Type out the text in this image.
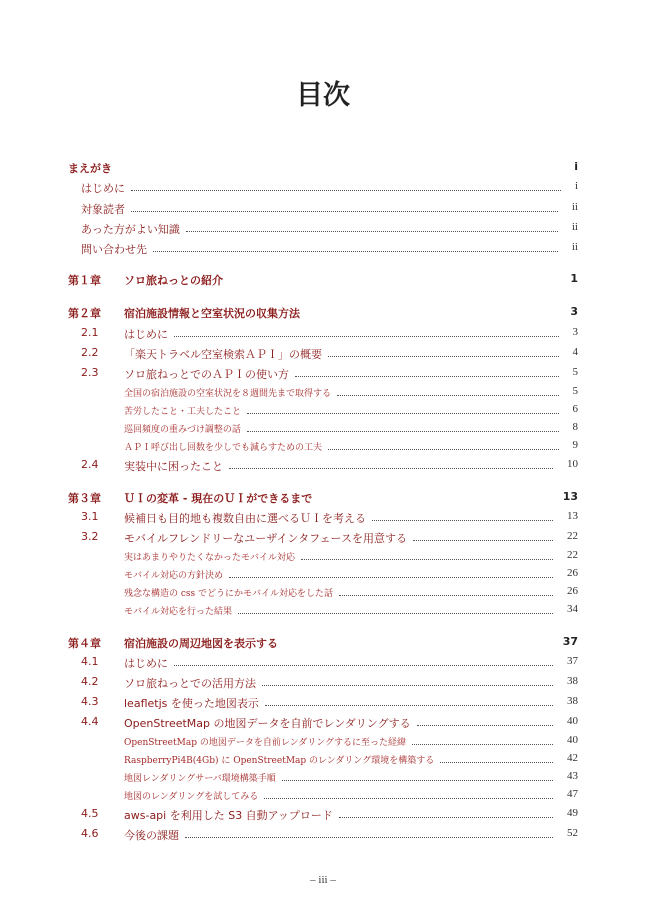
目次
まえがき	i
はじめに	i
対象読者	ii
あった方がよい知識	ii
問い合わせ先	ii
第１章 ソロ旅ねっとの紹介	1
第２章 宿泊施設情報と空室状況の収集方法	3
2.1 はじめに	3
2.2 「楽天トラベル空室検索ＡＰＩ」の概要	4
2.3 ソロ旅ねっとでのＡＰＩの使い方	5
全国の宿泊施設の空室状況を８週間先まで取得する	5
苦労したこと・工夫したこと	6
巡回頻度の重みづけ調整の話	8
ＡＰＩ呼び出し回数を少しでも減らすための工夫	9
2.4 実装中に困ったこと	10
第３章 ＵＩの変革 - 現在のＵＩができるまで	13
3.1 候補日も目的地も複数自由に選べるＵＩを考える	13
3.2 モバイルフレンドリーなユーザインタフェースを用意する	22
実はあまりやりたくなかったモバイル対応	22
モバイル対応の方針決め	26
残念な構造の css でどうにかモバイル対応をした話	26
モバイル対応を行った結果	34
第４章 宿泊施設の周辺地図を表示する	37
4.1 はじめに	37
4.2 ソロ旅ねっとでの活用方法	38
4.3 leafletjs を使った地図表示	38
4.4 OpenStreetMap の地図データを自前でレンダリングする	40
OpenStreetMap の地図データを自前レンダリングするに至った経緯	40
RaspberryPi4B(4Gb) に OpenStreetMap のレンダリング環境を構築する	42
地図レンダリングサーバ環境構築手順	43
地図のレンダリングを試してみる	47
4.5 aws-api を利用した S3 自動アップロード	49
4.6 今後の課題	52
– iii –
